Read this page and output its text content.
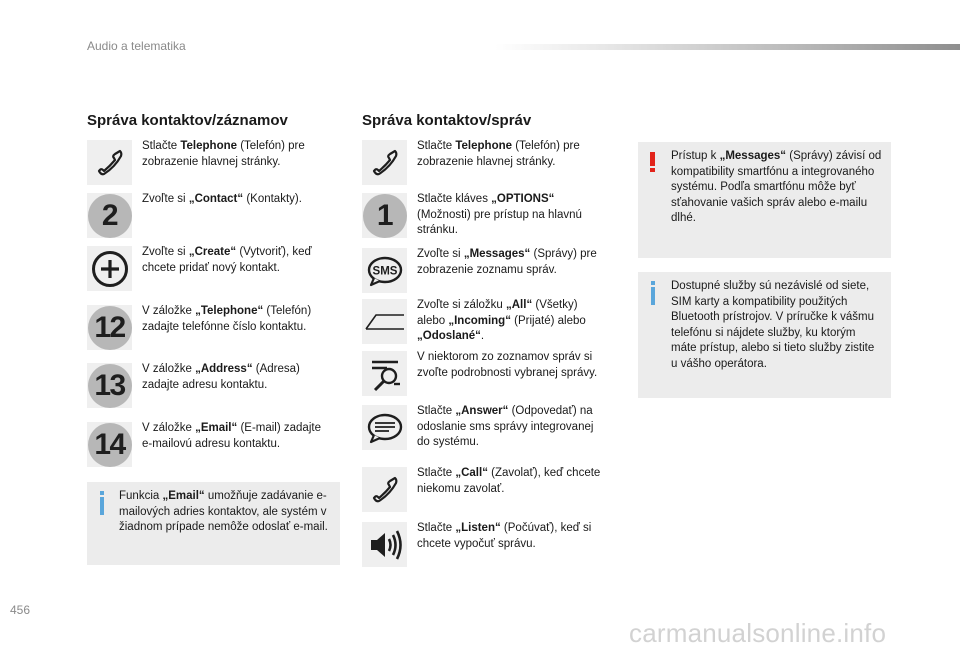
Audio a telematika
Správa kontaktov/záznamov
Stlačte Telephone (Telefón) pre zobrazenie hlavnej stránky.
2	Zvoľte si „Contact“ (Kontakty).
Zvoľte si „Create“ (Vytvoriť), keď chcete pridať nový kontakt.
12	V záložke „Telephone“ (Telefón) zadajte telefónne číslo kontaktu.
13	V záložke „Address“ (Adresa) zadajte adresu kontaktu.
14	V záložke „Email“ (E-mail) zadajte e-mailovú adresu kontaktu.
Funkcia „Email“ umožňuje zadávanie e-mailových adries kontaktov, ale systém v žiadnom prípade nemôže odoslať e-mail.
Správa kontaktov/správ
Stlačte Telephone (Telefón) pre zobrazenie hlavnej stránky.
1	Stlačte kláves „OPTIONS“ (Možnosti) pre prístup na hlavnú stránku.
SMS
Zvoľte si „Messages“ (Správy) pre zobrazenie zoznamu správ.
Zvoľte si záložku „All“ (Všetky) alebo „Incoming“ (Prijaté) alebo „Odoslané“.
V niektorom zo zoznamov správ si zvoľte podrobnosti vybranej správy.
Stlačte „Answer“ (Odpovedať) na odoslanie sms správy integrovanej do systému.
Stlačte „Call“ (Zavolať), keď chcete niekomu zavolať.
Stlačte „Listen“ (Počúvať), keď si chcete vypočuť správu.
Prístup k „Messages“ (Správy) závisí od kompatibility smartfónu a integrovaného systému. Podľa smartfónu môže byť sťahovanie vašich správ alebo e-mailu dlhé.
Dostupné služby sú nezávislé od siete, SIM karty a kompatibility použitých Bluetooth prístrojov. V príručke k vášmu telefónu si nájdete služby, ku ktorým máte prístup, alebo si tieto služby zistite u vášho operátora.
456
carmanualsonline.info
